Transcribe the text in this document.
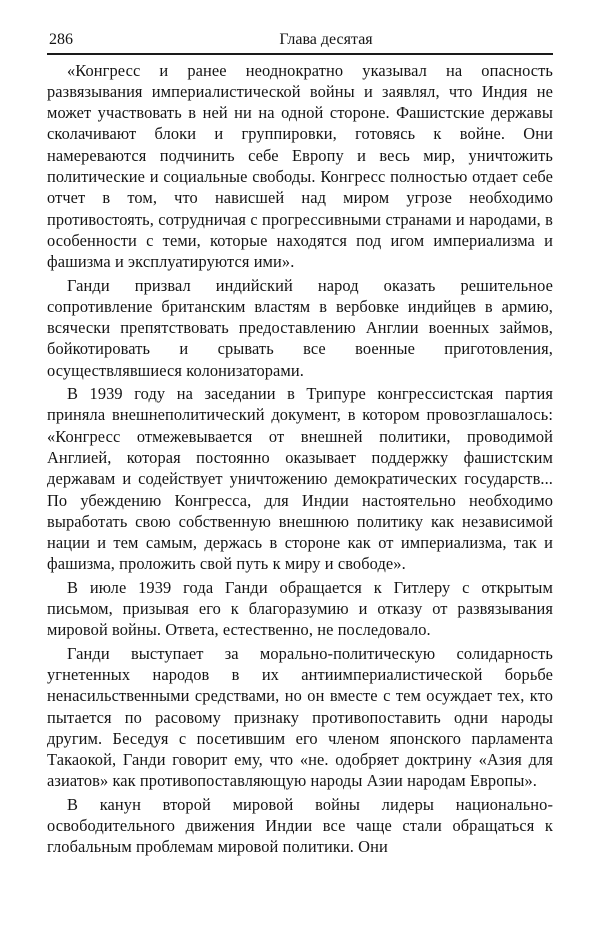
286	Глава десятая

«Конгресс и ранее неоднократно указывал на опасность развязывания империалистической войны и заявлял, что Индия не может участвовать в ней ни на одной стороне. Фашистские державы сколачивают блоки и группировки, готовясь к войне. Они намереваются подчинить себе Европу и весь мир, уничтожить политические и социальные свободы. Конгресс полностью отдает себе отчет в том, что нависшей над миром угрозе необходимо противостоять, сотрудничая с прогрессивными странами и народами, в особенности с теми, которые находятся под игом империализма и фашизма и эксплуатируются ими».

Ганди призвал индийский народ оказать решительное сопротивление британским властям в вербовке индийцев в армию, всячески препятствовать предоставлению Англии военных займов, бойкотировать и срывать все военные приготовления, осуществлявшиеся колонизаторами.

В 1939 году на заседании в Трипуре конгрессистская партия приняла внешнеполитический документ, в котором провозглашалось: «Конгресс отмежевывается от внешней политики, проводимой Англией, которая постоянно оказывает поддержку фашистским державам и содействует уничтожению демократических государств... По убеждению Конгресса, для Индии настоятельно необходимо выработать свою собственную внешнюю политику как независимой нации и тем самым, держась в стороне как от империализма, так и фашизма, проложить свой путь к миру и свободе».

В июле 1939 года Ганди обращается к Гитлеру с открытым письмом, призывая его к благоразумию и отказу от развязывания мировой войны. Ответа, естественно, не последовало.

Ганди выступает за морально-политическую солидарность угнетенных народов в их антиимпериалистической борьбе ненасильственными средствами, но он вместе с тем осуждает тех, кто пытается по расовому признаку противопоставить одни народы другим. Беседуя с посетившим его членом японского парламента Такаокой, Ганди говорит ему, что «не. одобряет доктрину «Азия для азиатов» как противопоставляющую народы Азии народам Европы».

В канун второй мировой войны лидеры национально-освободительного движения Индии все чаще стали обращаться к глобальным проблемам мировой политики. Они
